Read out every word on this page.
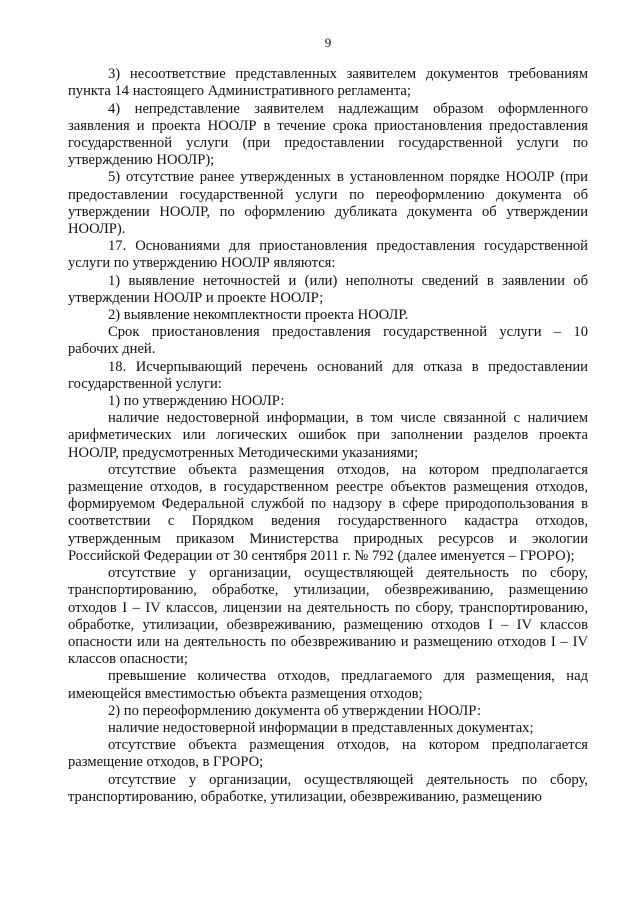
9

3) несоответствие представленных заявителем документов требованиям пункта 14 настоящего Административного регламента;

4) непредставление заявителем надлежащим образом оформленного заявления и проекта НООЛР в течение срока приостановления предоставления государственной услуги (при предоставлении государственной услуги по утверждению НООЛР);

5) отсутствие ранее утвержденных в установленном порядке НООЛР (при предоставлении государственной услуги по переоформлению документа об утверждении НООЛР, по оформлению дубликата документа об утверждении НООЛР).

17. Основаниями для приостановления предоставления государственной услуги по утверждению НООЛР являются:

1) выявление неточностей и (или) неполноты сведений в заявлении об утверждении НООЛР и проекте НООЛР;

2) выявление некомплектности проекта НООЛР.

Срок приостановления предоставления государственной услуги – 10 рабочих дней.

18. Исчерпывающий перечень оснований для отказа в предоставлении государственной услуги:

1) по утверждению НООЛР:

наличие недостоверной информации, в том числе связанной с наличием арифметических или логических ошибок при заполнении разделов проекта НООЛР, предусмотренных Методическими указаниями;

отсутствие объекта размещения отходов, на котором предполагается размещение отходов, в государственном реестре объектов размещения отходов, формируемом Федеральной службой по надзору в сфере природопользования в соответствии с Порядком ведения государственного кадастра отходов, утвержденным приказом Министерства природных ресурсов и экологии Российской Федерации от 30 сентября 2011 г. № 792 (далее именуется – ГРОРО);

отсутствие у организации, осуществляющей деятельность по сбору, транспортированию, обработке, утилизации, обезвреживанию, размещению отходов I – IV классов, лицензии на деятельность по сбору, транспортированию, обработке, утилизации, обезвреживанию, размещению отходов I – IV классов опасности или на деятельность по обезвреживанию и размещению отходов I – IV классов опасности;

превышение количества отходов, предлагаемого для размещения, над имеющейся вместимостью объекта размещения отходов;

2) по переоформлению документа об утверждении НООЛР:

наличие недостоверной информации в представленных документах;

отсутствие объекта размещения отходов, на котором предполагается размещение отходов, в ГРОРО;

отсутствие у организации, осуществляющей деятельность по сбору, транспортированию, обработке, утилизации, обезвреживанию, размещению
